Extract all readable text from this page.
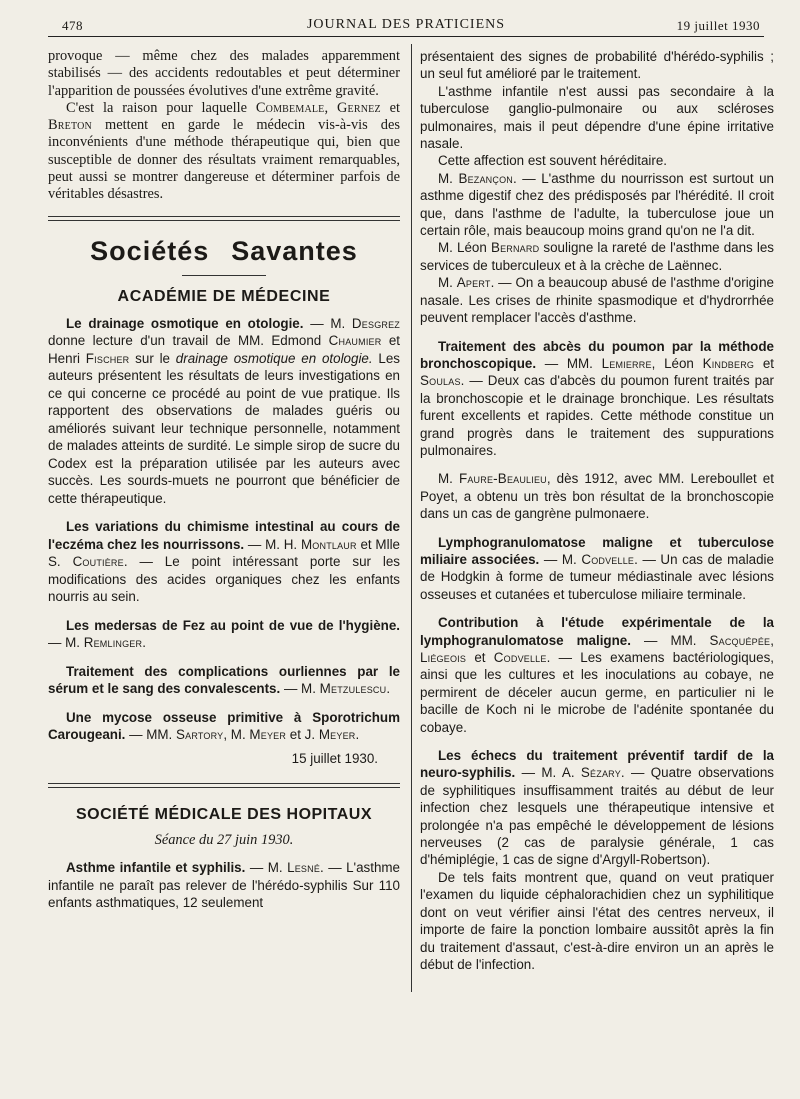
478	JOURNAL DES PRATICIENS	19 juillet 1930

provoque — même chez des malades apparemment stabilisés — des accidents redoutables et peut déterminer l'apparition de poussées évolutives d'une extrême gravité.

C'est la raison pour laquelle Combemale, Gernez et Breton mettent en garde le médecin vis-à-vis des inconvénients d'une méthode thérapeutique qui, bien que susceptible de donner des résultats vraiment remarquables, peut aussi se montrer dangereuse et déterminer parfois de véritables désastres.

Sociétés Savantes
ACADÉMIE DE MÉDECINE

Le drainage osmotique en otologie. — M. Desgrez donne lecture d'un travail de MM. Edmond Chaumier et Henri Fischer sur le drainage osmotique en otologie. Les auteurs présentent les résultats de leurs investigations en ce qui concerne ce procédé au point de vue pratique. Ils rapportent des observations de malades guéris ou améliorés suivant leur technique personnelle, notamment de malades atteints de surdité. Le simple sirop de sucre du Codex est la préparation utilisée par les auteurs avec succès. Les sourds-muets ne pourront que bénéficier de cette thérapeutique.

Les variations du chimisme intestinal au cours de l'eczéma chez les nourrissons. — M. H. Montlaur et Mlle S. Coutière. — Le point intéressant porte sur les modifications des acides organiques chez les enfants nourris au sein.

Les medersas de Fez au point de vue de l'hygiène. — M. Remlinger.

Traitement des complications ourliennes par le sérum et le sang des convalescents. — M. Metzulescu.

Une mycose osseuse primitive à Sporotrichum Carougeani. — MM. Sartory, M. Meyer et J. Meyer.

15 juillet 1930.

SOCIÉTÉ MÉDICALE DES HOPITAUX
Séance du 27 juin 1930.

Asthme infantile et syphilis. — M. Lesné. — L'asthme infantile ne paraît pas relever de l'hérédo-syphilis Sur 110 enfants asthmatiques, 12 seulement

présentaient des signes de probabilité d'hérédo-syphilis ; un seul fut amélioré par le traitement.

L'asthme infantile n'est aussi pas secondaire à la tuberculose ganglio-pulmonaire ou aux scléroses pulmonaires, mais il peut dépendre d'une épine irritative nasale.

Cette affection est souvent héréditaire.

M. Bezançon. — L'asthme du nourrisson est surtout un asthme digestif chez des prédisposés par l'hérédité. Il croit que, dans l'asthme de l'adulte, la tuberculose joue un certain rôle, mais beaucoup moins grand qu'on ne l'a dit.

M. Léon Bernard souligne la rareté de l'asthme dans les services de tuberculeux et à la crèche de Laënnec.

M. Apert. — On a beaucoup abusé de l'asthme d'origine nasale. Les crises de rhinite spasmodique et d'hydrorrhée peuvent remplacer l'accès d'asthme.

Traitement des abcès du poumon par la méthode bronchoscopique. — MM. Lemierre, Léon Kindberg et Soulas. — Deux cas d'abcès du poumon furent traités par la bronchoscopie et le drainage bronchique. Les résultats furent excellents et rapides. Cette méthode constitue un grand progrès dans le traitement des suppurations pulmonaires.

M. Faure-Beaulieu, dès 1912, avec MM. Lereboullet et Poyet, a obtenu un très bon résultat de la bronchoscopie dans un cas de gangrène pulmonaere.

Lymphogranulomatose maligne et tuberculose miliaire associées. — M. Codvelle. — Un cas de maladie de Hodgkin à forme de tumeur médiastinale avec lésions osseuses et cutanées et tuberculose miliaire terminale.

Contribution à l'étude expérimentale de la lymphogranulomatose maligne. — MM. Sacquépée, Liégeois et Codvelle. — Les examens bactériologiques, ainsi que les cultures et les inoculations au cobaye, ne permirent de déceler aucun germe, en particulier ni le bacille de Koch ni le microbe de l'adénite spontanée du cobaye.

Les échecs du traitement préventif tardif de la neuro-syphilis. — M. A. Sézary. — Quatre observations de syphilitiques insuffisamment traités au début de leur infection chez lesquels une thérapeutique intensive et prolongée n'a pas empêché le développement de lésions nerveuses (2 cas de paralysie générale, 1 cas d'hémiplégie, 1 cas de signe d'Argyll-Robertson).

De tels faits montrent que, quand on veut pratiquer l'examen du liquide céphalorachidien chez un syphilitique dont on veut vérifier ainsi l'état des centres nerveux, il importe de faire la ponction lombaire aussitôt après la fin du traitement d'assaut, c'est-à-dire environ un an après le début de l'infection.
